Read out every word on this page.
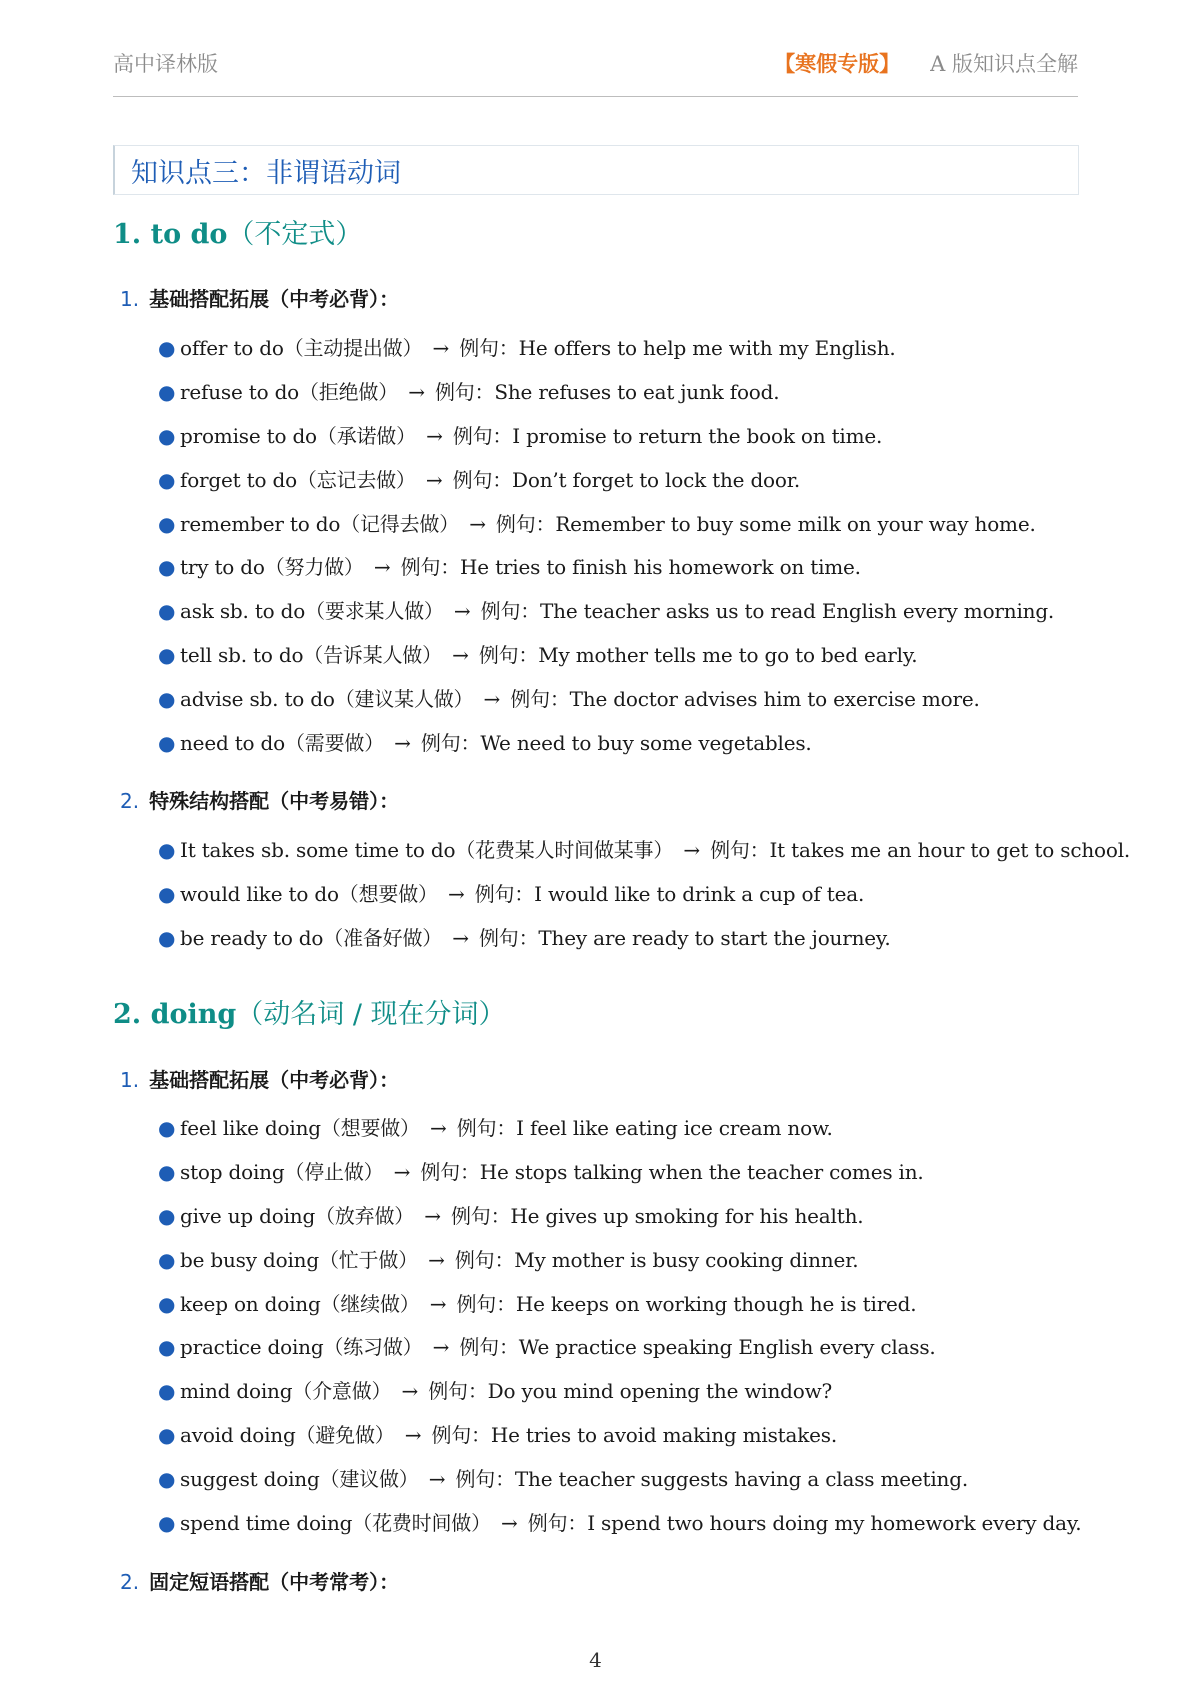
高中译林版	【寒假专版】 A 版知识点全解
知识点三：非谓语动词
1. to do（不定式）
1. 基础搭配拓展（中考必背）：
● offer to do（主动提出做） → 例句：He offers to help me with my English.
● refuse to do（拒绝做） → 例句：She refuses to eat junk food.
● promise to do（承诺做） → 例句：I promise to return the book on time.
● forget to do（忘记去做） → 例句：Don’t forget to lock the door.
● remember to do（记得去做） → 例句：Remember to buy some milk on your way home.
● try to do（努力做） → 例句：He tries to finish his homework on time.
● ask sb. to do（要求某人做） → 例句：The teacher asks us to read English every morning.
● tell sb. to do（告诉某人做） → 例句：My mother tells me to go to bed early.
● advise sb. to do（建议某人做） → 例句：The doctor advises him to exercise more.
● need to do（需要做） → 例句：We need to buy some vegetables.
2. 特殊结构搭配（中考易错）：
● It takes sb. some time to do（花费某人时间做某事） → 例句：It takes me an hour to get to school.
● would like to do（想要做） → 例句：I would like to drink a cup of tea.
● be ready to do（准备好做） → 例句：They are ready to start the journey.
2. doing（动名词 / 现在分词）
1. 基础搭配拓展（中考必背）：
● feel like doing（想要做） → 例句：I feel like eating ice cream now.
● stop doing（停止做） → 例句：He stops talking when the teacher comes in.
● give up doing（放弃做） → 例句：He gives up smoking for his health.
● be busy doing（忙于做） → 例句：My mother is busy cooking dinner.
● keep on doing（继续做） → 例句：He keeps on working though he is tired.
● practice doing（练习做） → 例句：We practice speaking English every class.
● mind doing（介意做） → 例句：Do you mind opening the window?
● avoid doing（避免做） → 例句：He tries to avoid making mistakes.
● suggest doing（建议做） → 例句：The teacher suggests having a class meeting.
● spend time doing（花费时间做） → 例句：I spend two hours doing my homework every day.
2. 固定短语搭配（中考常考）：
4
